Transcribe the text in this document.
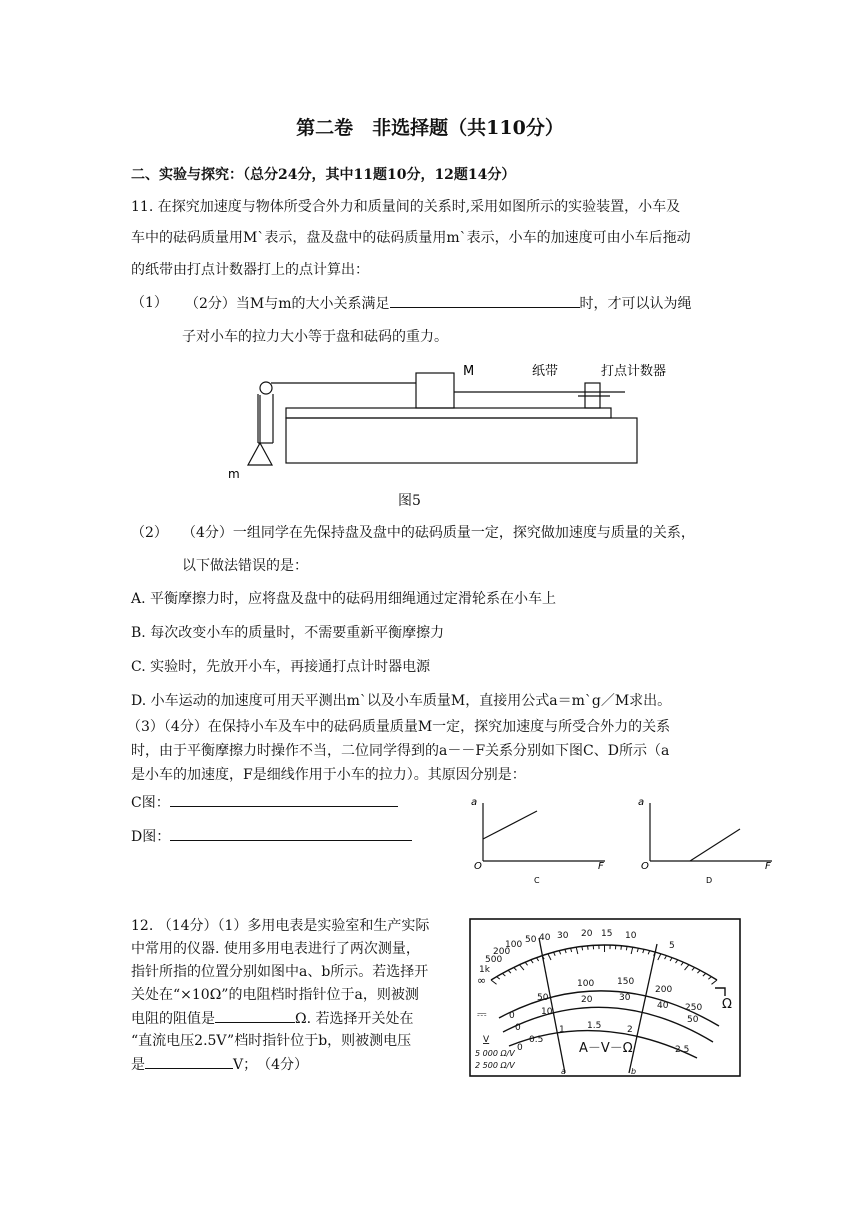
第二卷　非选择题（共110分）
二、实验与探究：（总分24分，其中11题10分，12题14分）
11. 在探究加速度与物体所受合外力和质量间的关系时,采用如图所示的实验装置，小车及
车中的砝码质量用M`表示，盘及盘中的砝码质量用m`表示，小车的加速度可由小车后拖动
的纸带由打点计数器打上的点计算出：
（1） （2分）当M与m的大小关系满足	时，才可以认为绳
子对小车的拉力大小等于盘和砝码的重力。
M	纸带	打点计数器
m
图5
（2） （4分）一组同学在先保持盘及盘中的砝码质量一定，探究做加速度与质量的关系，
以下做法错误的是：
A. 平衡摩擦力时，应将盘及盘中的砝码用细绳通过定滑轮系在小车上
B. 每次改变小车的质量时，不需要重新平衡摩擦力
C. 实验时，先放开小车，再接通打点计时器电源
D. 小车运动的加速度可用天平测出m`以及小车质量M，直接用公式a＝m`g／M求出。
（3）（4分）在保持小车及车中的砝码质量质量M一定，探究加速度与所受合外力的关系
时，由于平衡摩擦力时操作不当，二位同学得到的a－－F关系分别如下图C、D所示（a
是小车的加速度，F是细线作用于小车的拉力）。其原因分别是：
C图：
D图：
a
O	F
C
a
O	F
D
12. （14分）（1）多用电表是实验室和生产实际
中常用的仪器. 使用多用电表进行了两次测量，
指针所指的位置分别如图中a、b所示。若选择开
关处在“×10Ω”的电阻档时指针位于a，则被测
电阻的阻值是	Ω. 若选择开关处在
“直流电压2.5V”档时指针位于b，则被测电压
是	V；　（4分）
1k
500
200
100 50 40 30 20 15 10
5
∞
Ω
0
50
100	150
200
250
0
10
20	30
40
50
0
0.5
1 1.5	2
2.5
⎓
V
A－V－Ω
5 000 Ω/V
2 500 Ω/V
a	b
